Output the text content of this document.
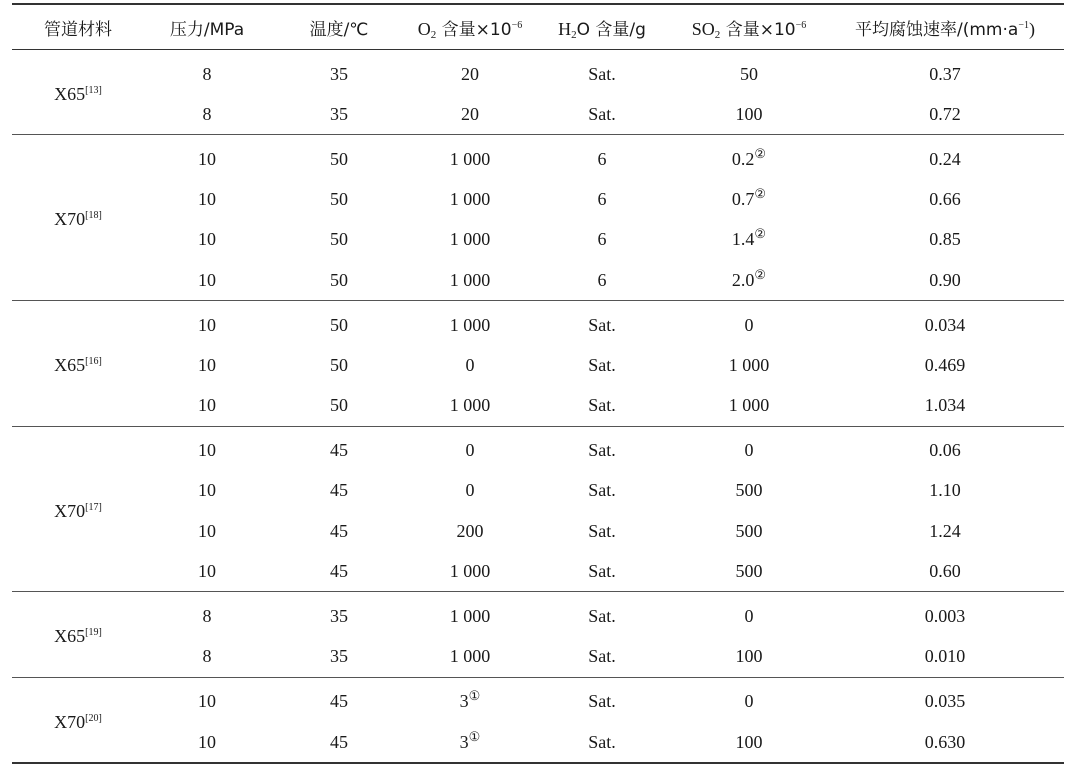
管道材料	压力/MPa	温度/℃	$O_2$ 含量$\times 10^{-6}$	$H_2O$ 含量/g	$SO_2$ 含量$\times 10^{-6}$	平均腐蚀速率$/(mm\cdot a^{-1})$
X65[13]	8	35	20	Sat.	50	0.37
	8	35	20	Sat.	100	0.72
X70[18]	10	50	1 000	6	0.2②	0.24
	10	50	1 000	6	0.7②	0.66
	10	50	1 000	6	1.4②	0.85
	10	50	1 000	6	2.0②	0.90
X65[16]	10	50	1 000	Sat.	0	0.034
	10	50	0	Sat.	1 000	0.469
	10	50	1 000	Sat.	1 000	1.034
X70[17]	10	45	0	Sat.	0	0.06
	10	45	0	Sat.	500	1.10
	10	45	200	Sat.	500	1.24
	10	45	1 000	Sat.	500	0.60
X65[19]	8	35	1 000	Sat.	0	0.003
	8	35	1 000	Sat.	100	0.010
X70[20]	10	45	3①	Sat.	0	0.035
	10	45	3①	Sat.	100	0.630
